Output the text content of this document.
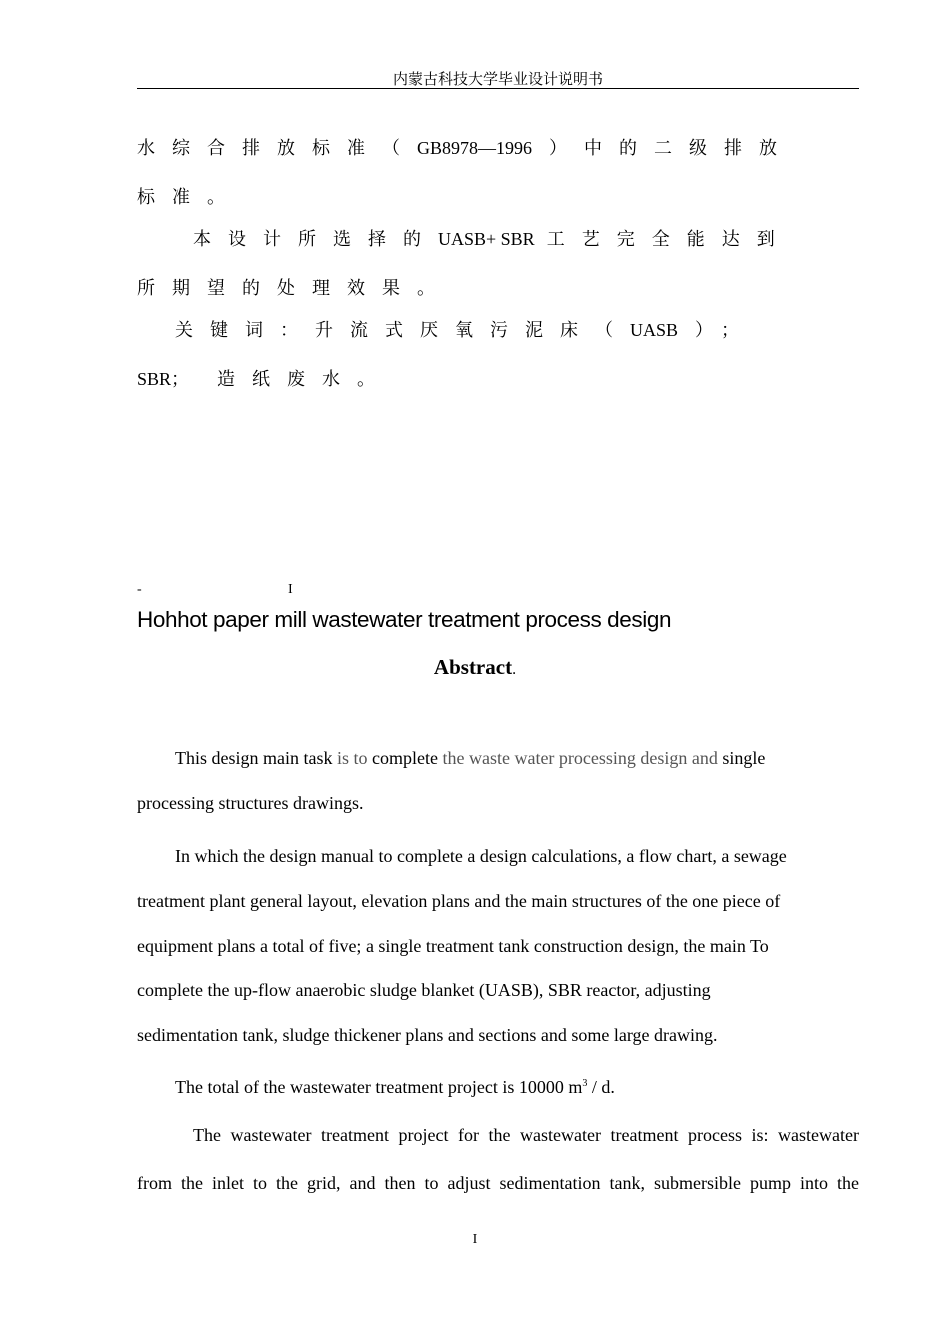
内蒙古科技大学毕业设计说明书
水综合排放标准（GB8978—1996 ）中的二级排放
标准。
本设计所选择的UASB+ SBR 工艺完全能达到
所期望的处理效果。
关键词：升流式厌氧污泥床（UASB ）；
SBR； 造纸废水。
-	I
Hohhot paper mill wastewater treatment process design
Abstract.
This design main task is to complete the waste water processing design and single
processing structures drawings.
In which the design manual to complete a design calculations, a flow chart, a sewage
treatment plant general layout, elevation plans and the main structures of the one piece of
equipment plans a total of five; a single treatment tank construction design, the main To
complete the up-flow anaerobic sludge blanket (UASB), SBR reactor, adjusting
sedimentation tank, sludge thickener plans and sections and some large drawing.
The total of the wastewater treatment project is 10000 $m^3$ / d.
The wastewater treatment project for the wastewater treatment process is: wastewater
from the inlet to the grid, and then to adjust sedimentation tank, submersible pump into the
I
